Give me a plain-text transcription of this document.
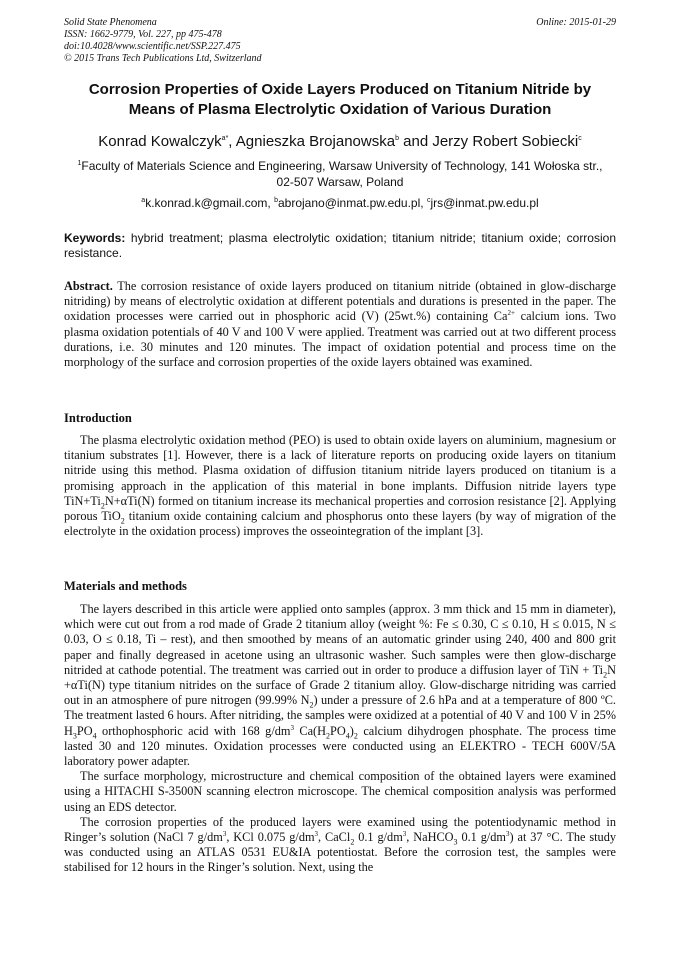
Solid State Phenomena
ISSN: 1662-9779, Vol. 227, pp 475-478
doi:10.4028/www.scientific.net/SSP.227.475
© 2015 Trans Tech Publications Ltd, Switzerland
Online: 2015-01-29
Corrosion Properties of Oxide Layers Produced on Titanium Nitride by
Means of Plasma Electrolytic Oxidation of Various Duration
Konrad Kowalczyk$^{a*}$, Agnieszka Brojanowska$^b$ and Jerzy Robert Sobiecki$^c$
$^1$Faculty of Materials Science and Engineering, Warsaw University of Technology, 141 Wołoska str.,
02-507 Warsaw, Poland
$^a$k.konrad.k@gmail.com, $^b$abrojano@inmat.pw.edu.pl, $^c$jrs@inmat.pw.edu.pl
Keywords: hybrid treatment; plasma electrolytic oxidation; titanium nitride; titanium oxide; corrosion resistance.
Abstract. The corrosion resistance of oxide layers produced on titanium nitride (obtained in glow-discharge nitriding) by means of electrolytic oxidation at different potentials and durations is presented in the paper. The oxidation processes were carried out in phosphoric acid (V) (25wt.%) containing $Ca^{2+}$ calcium ions. Two plasma oxidation potentials of 40 V and 100 V were applied. Treatment was carried out at two different process durations, i.e. 30 minutes and 120 minutes. The impact of oxidation potential and process time on the morphology of the surface and corrosion properties of the oxide layers obtained was examined.
Introduction

The plasma electrolytic oxidation method (PEO) is used to obtain oxide layers on aluminium, magnesium or titanium substrates [1]. However, there is a lack of literature reports on producing oxide layers on titanium nitride using this method. Plasma oxidation of diffusion titanium nitride layers produced on titanium is a promising approach in the application of this material in bone implants. Diffusion nitride layers type $TiN+Ti_2N+\alpha Ti(N)$ formed on titanium increase its mechanical properties and corrosion resistance [2]. Applying porous TiO$_2$ titanium oxide containing calcium and phosphorus onto these layers (by way of migration of the electrolyte in the oxidation process) improves the osseointegration of the implant [3].

Materials and methods

The layers described in this article were applied onto samples (approx. 3 mm thick and 15 mm in diameter), which were cut out from a rod made of Grade 2 titanium alloy (weight %: Fe ≤ 0.30, C ≤ 0.10, H ≤ 0.015, N ≤ 0.03, O ≤ 0.18, Ti – rest), and then smoothed by means of an automatic grinder using 240, 400 and 800 grit paper and finally degreased in acetone using an ultrasonic washer. Such samples were then glow-discharge nitrided at cathode potential. The treatment was carried out in order to produce a diffusion layer of TiN + $Ti_2N +\alpha Ti(N)$ type titanium nitrides on the surface of Grade 2 titanium alloy. Glow-discharge nitriding was carried out in an atmosphere of pure nitrogen (99.99% $N_2$) under a pressure of 2.6 hPa and at a temperature of 800 ºC. The treatment lasted 6 hours. After nitriding, the samples were oxidized at a potential of 40 V and 100 V in 25% $H_3PO_4$ orthophosphoric acid with 168 $g/dm^3$ $Ca(H_2PO_4)_2$ calcium dihydrogen phosphate. The process time lasted 30 and 120 minutes. Oxidation processes were conducted using an ELEKTRO - TECH 600V/5A laboratory power adapter.

The surface morphology, microstructure and chemical composition of the obtained layers were examined using a HITACHI S-3500N scanning electron microscope. The chemical composition analysis was performed using an EDS detector.

The corrosion properties of the produced layers were examined using the potentiodynamic method in Ringer’s solution (NaCl 7 $g/dm^3$, KCl 0.075 $g/dm^3$, CaCl$_2$ 0.1 $g/dm^3$, NaHCO$_3$ 0.1 $g/dm^3$) at 37 °C. The study was conducted using an ATLAS 0531 EU&IA potentiostat. Before the corrosion test, the samples were stabilised for 12 hours in the Ringer’s solution. Next, using the
